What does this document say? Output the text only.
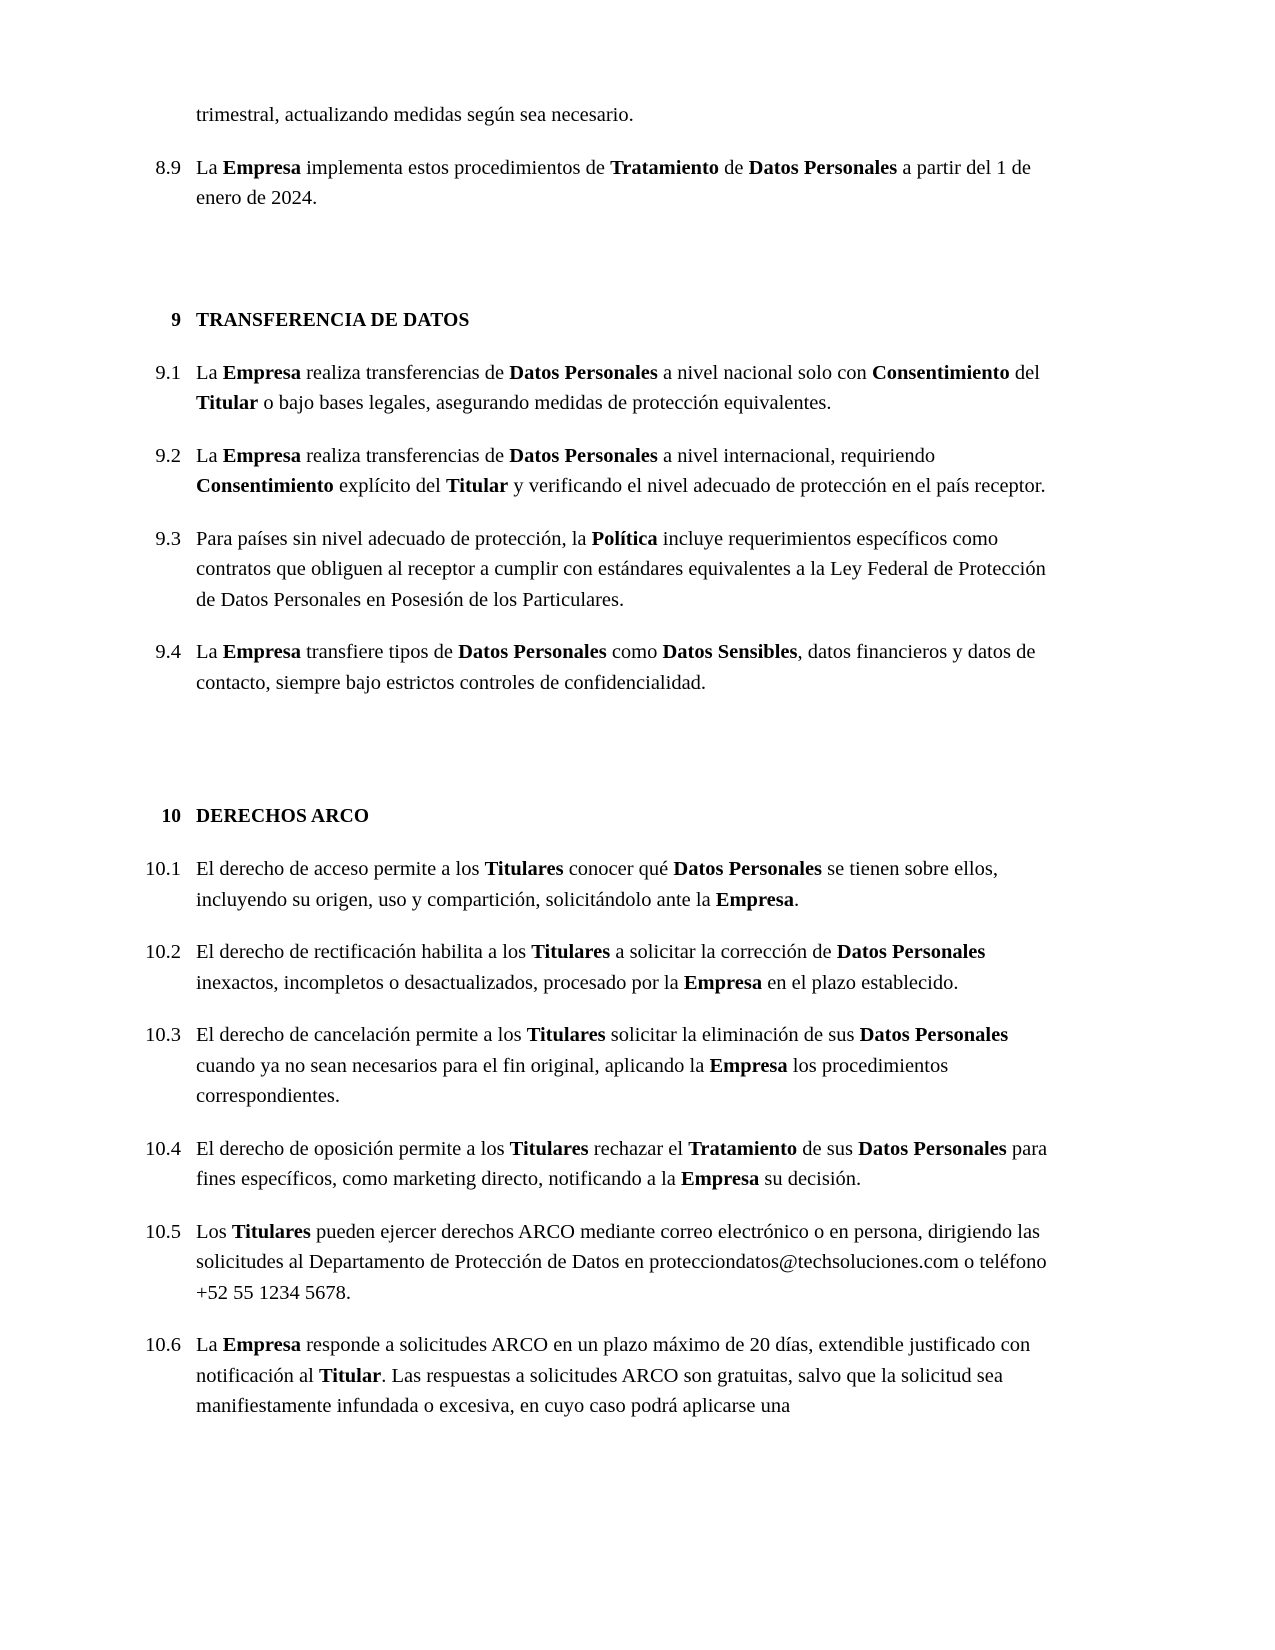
trimestral, actualizando medidas según sea necesario.

8.9 La Empresa implementa estos procedimientos de Tratamiento de Datos Personales a partir del 1 de enero de 2024.
9 TRANSFERENCIA DE DATOS
9.1 La Empresa realiza transferencias de Datos Personales a nivel nacional solo con Consentimiento del Titular o bajo bases legales, asegurando medidas de protección equivalentes.
9.2 La Empresa realiza transferencias de Datos Personales a nivel internacional, requiriendo Consentimiento explícito del Titular y verificando el nivel adecuado de protección en el país receptor.
9.3 Para países sin nivel adecuado de protección, la Política incluye requerimientos específicos como contratos que obliguen al receptor a cumplir con estándares equivalentes a la Ley Federal de Protección de Datos Personales en Posesión de los Particulares.
9.4 La Empresa transfiere tipos de Datos Personales como Datos Sensibles, datos financieros y datos de contacto, siempre bajo estrictos controles de confidencialidad.
10 DERECHOS ARCO
10.1 El derecho de acceso permite a los Titulares conocer qué Datos Personales se tienen sobre ellos, incluyendo su origen, uso y compartición, solicitándolo ante la Empresa.
10.2 El derecho de rectificación habilita a los Titulares a solicitar la corrección de Datos Personales inexactos, incompletos o desactualizados, procesado por la Empresa en el plazo establecido.
10.3 El derecho de cancelación permite a los Titulares solicitar la eliminación de sus Datos Personales cuando ya no sean necesarios para el fin original, aplicando la Empresa los procedimientos correspondientes.
10.4 El derecho de oposición permite a los Titulares rechazar el Tratamiento de sus Datos Personales para fines específicos, como marketing directo, notificando a la Empresa su decisión.
10.5 Los Titulares pueden ejercer derechos ARCO mediante correo electrónico o en persona, dirigiendo las solicitudes al Departamento de Protección de Datos en protecciondatos@techsoluciones.com o teléfono +52 55 1234 5678.
10.6 La Empresa responde a solicitudes ARCO en un plazo máximo de 20 días, extendible justificado con notificación al Titular. Las respuestas a solicitudes ARCO son gratuitas, salvo que la solicitud sea manifiestamente infundada o excesiva, en cuyo caso podrá aplicarse una
